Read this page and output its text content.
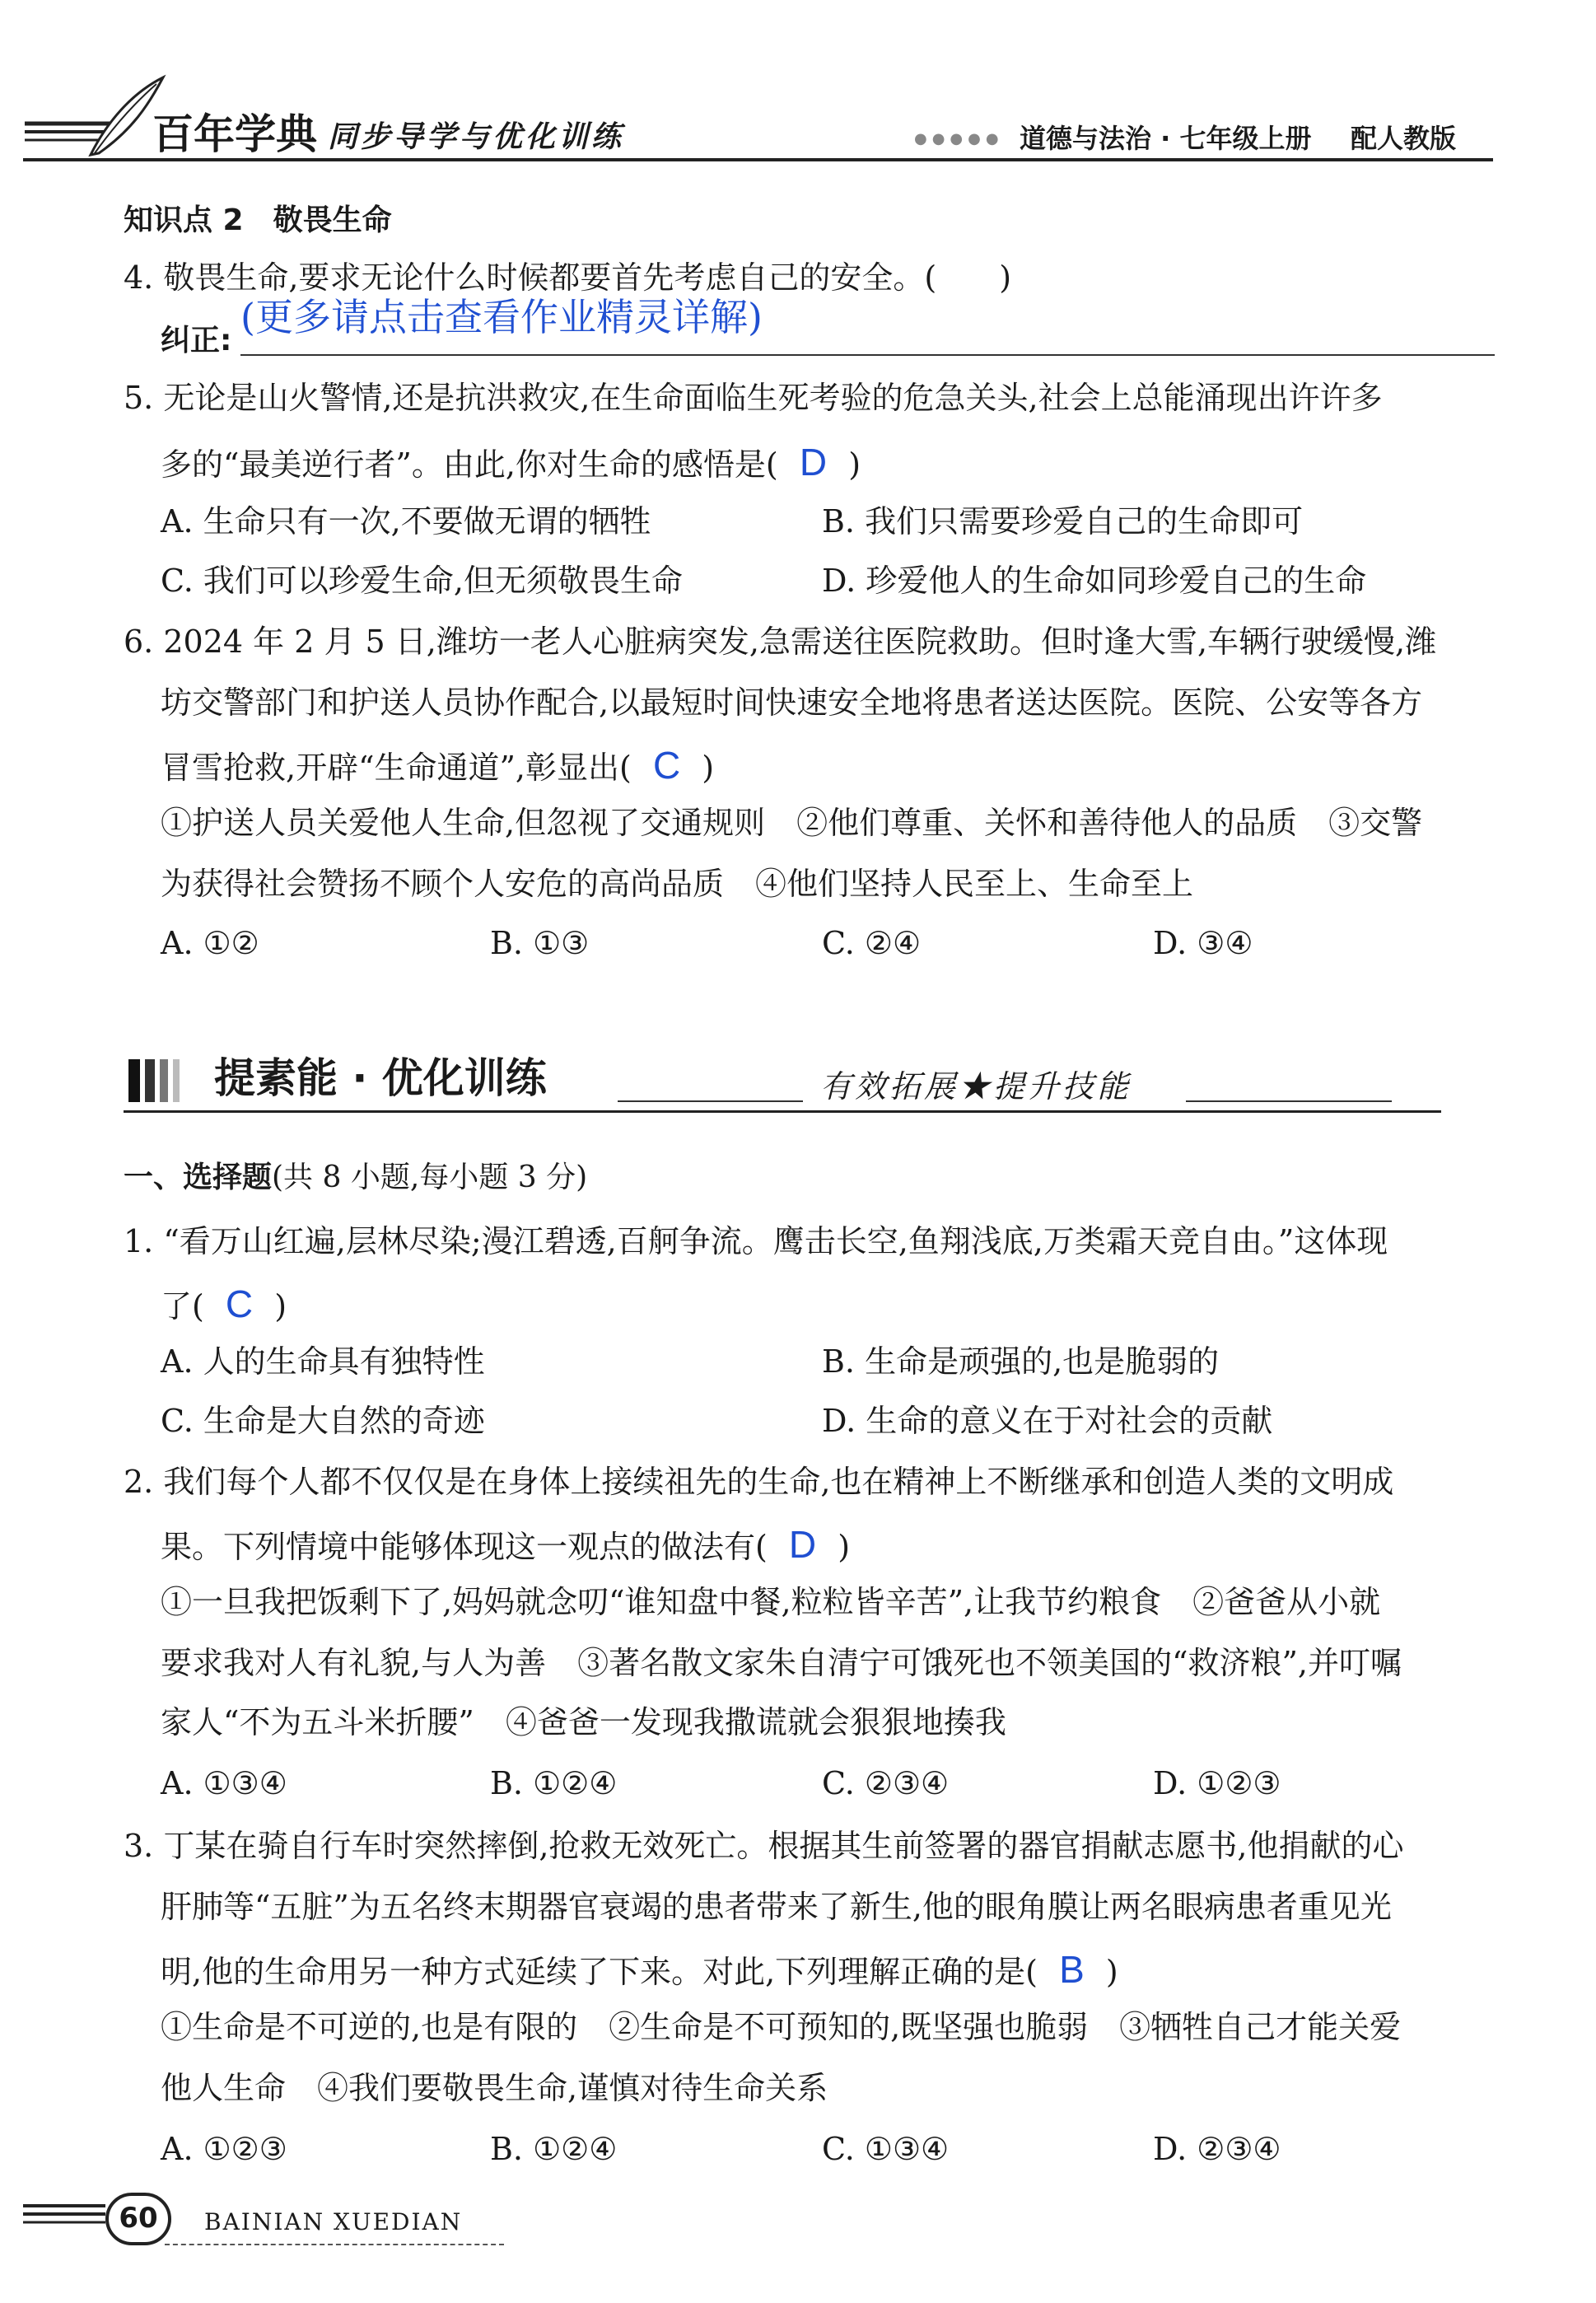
百年学典 同步导学与优化训练	●●●●● 道德与法治 · 七年级上册 配人教版
知识点 2　敬畏生命
4. 敬畏生命,要求无论什么时候都要首先考虑自己的安全。(　　)
纠正:
(更多请点击查看作业精灵详解)
5. 无论是山火警情,还是抗洪救灾,在生命面临生死考验的危急关头,社会上总能涌现出许许多
多的“最美逆行者”。由此,你对生命的感悟是( D )
A. 生命只有一次,不要做无谓的牺牲	B. 我们只需要珍爱自己的生命即可
C. 我们可以珍爱生命,但无须敬畏生命	D. 珍爱他人的生命如同珍爱自己的生命
6. 2024 年 2 月 5 日,潍坊一老人心脏病突发,急需送往医院救助。但时逢大雪,车辆行驶缓慢,潍
坊交警部门和护送人员协作配合,以最短时间快速安全地将患者送达医院。医院、公安等各方
冒雪抢救,开辟“生命通道”,彰显出( C )
①护送人员关爱他人生命,但忽视了交通规则　②他们尊重、关怀和善待他人的品质　③交警
为获得社会赞扬不顾个人安危的高尚品质　④他们坚持人民至上、生命至上
A. ①②	B. ①③	C. ②④	D. ③④
提素能 · 优化训练	有效拓展★提升技能
一、选择题(共 8 小题,每小题 3 分)
1. “看万山红遍,层林尽染;漫江碧透,百舸争流。鹰击长空,鱼翔浅底,万类霜天竞自由。”这体现
了( C )
A. 人的生命具有独特性	B. 生命是顽强的,也是脆弱的
C. 生命是大自然的奇迹	D. 生命的意义在于对社会的贡献
2. 我们每个人都不仅仅是在身体上接续祖先的生命,也在精神上不断继承和创造人类的文明成
果。下列情境中能够体现这一观点的做法有( D )
①一旦我把饭剩下了,妈妈就念叨“谁知盘中餐,粒粒皆辛苦”,让我节约粮食　②爸爸从小就
要求我对人有礼貌,与人为善　③著名散文家朱自清宁可饿死也不领美国的“救济粮”,并叮嘱
家人“不为五斗米折腰”　④爸爸一发现我撒谎就会狠狠地揍我
A. ①③④	B. ①②④	C. ②③④	D. ①②③
3. 丁某在骑自行车时突然摔倒,抢救无效死亡。根据其生前签署的器官捐献志愿书,他捐献的心
肝肺等“五脏”为五名终末期器官衰竭的患者带来了新生,他的眼角膜让两名眼病患者重见光
明,他的生命用另一种方式延续了下来。对此,下列理解正确的是( B )
①生命是不可逆的,也是有限的　②生命是不可预知的,既坚强也脆弱　③牺牲自己才能关爱
他人生命　④我们要敬畏生命,谨慎对待生命关系
A. ①②③	B. ①②④	C. ①③④	D. ②③④
60 BAINIAN XUEDIAN
